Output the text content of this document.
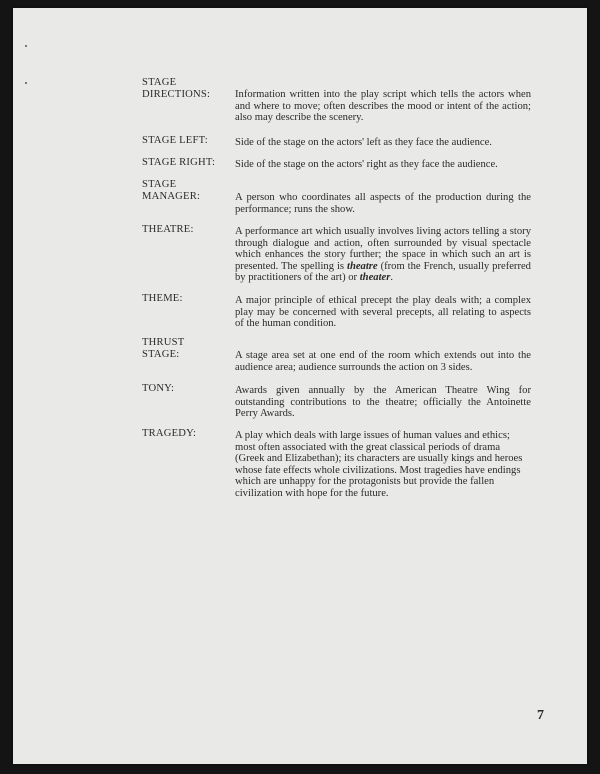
STAGE
DIRECTIONS:	Information written into the play script which tells the actors when and where to move; often describes the mood or intent of the action; also may describe the scenery.
STAGE LEFT:	Side of the stage on the actors' left as they face the audience.
STAGE RIGHT:	Side of the stage on the actors' right as they face the audience.
STAGE
MANAGER:	A person who coordinates all aspects of the production during the performance; runs the show.
THEATRE:	A performance art which usually involves living actors telling a story through dialogue and action, often surrounded by visual spectacle which enhances the story further; the space in which such an art is presented. The spelling is theatre (from the French, usually preferred by practitioners of the art) or theater.
THEME:	A major principle of ethical precept the play deals with; a complex play may be concerned with several precepts, all relating to aspects of the human condition.
THRUST
STAGE:	A stage area set at one end of the room which extends out into the audience area; audience surrounds the action on 3 sides.
TONY:	Awards given annually by the American Theatre Wing for outstanding contributions to the theatre; officially the Antoinette Perry Awards.
TRAGEDY:	A play which deals with large issues of human values and ethics; most often associated with the great classical periods of drama (Greek and Elizabethan); its characters are usually kings and heroes whose fate effects whole civilizations. Most tragedies have endings which are unhappy for the protagonists but provide the fallen civilization with hope for the future.
7
